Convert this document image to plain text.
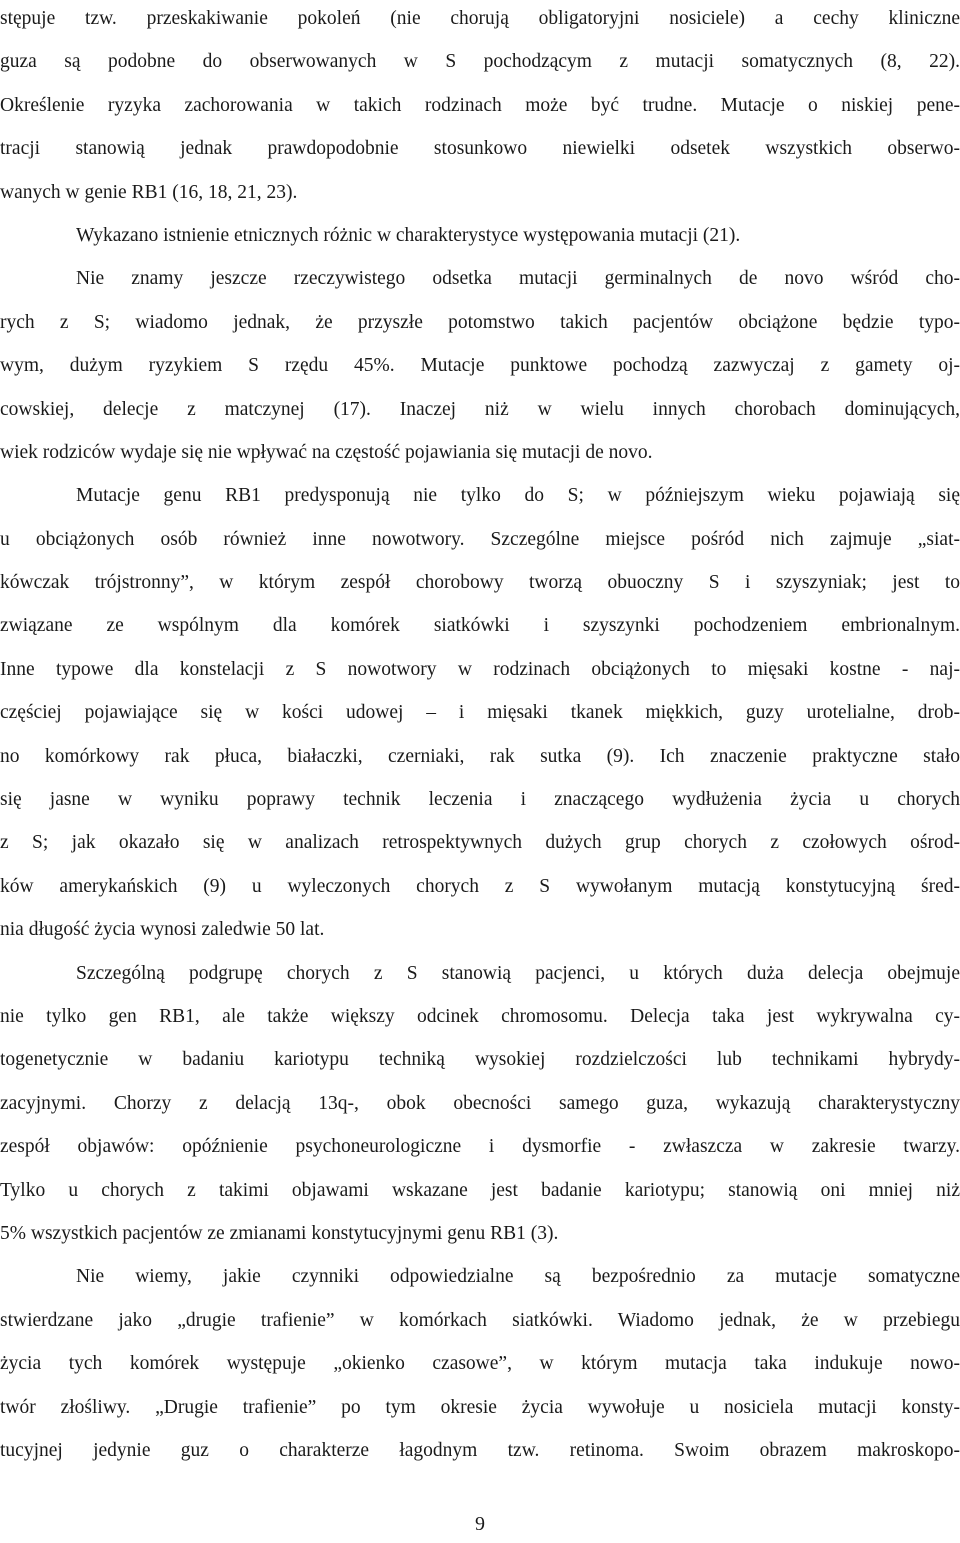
stępuje tzw. przeskakiwanie pokoleń (nie chorują obligatoryjni nosiciele) a cechy kliniczne
guza są podobne do obserwowanych w S pochodzącym z mutacji somatycznych (8, 22).
Określenie ryzyka zachorowania w takich rodzinach może być trudne. Mutacje o niskiej pene-
tracji stanowią jednak prawdopodobnie stosunkowo niewielki odsetek wszystkich obserwo-
wanych w genie RB1 (16, 18, 21, 23).
Wykazano istnienie etnicznych różnic w charakterystyce występowania mutacji (21).
Nie znamy jeszcze rzeczywistego odsetka mutacji germinalnych de novo wśród cho-
rych z S; wiadomo jednak, że przyszłe potomstwo takich pacjentów obciążone będzie typo-
wym, dużym ryzykiem S rzędu 45%. Mutacje punktowe pochodzą zazwyczaj z gamety oj-
cowskiej, delecje z matczynej (17). Inaczej niż w wielu innych chorobach dominujących,
wiek rodziców wydaje się nie wpływać na częstość pojawiania się mutacji de novo.
Mutacje genu RB1 predysponują nie tylko do S; w późniejszym wieku pojawiają się
u obciążonych osób również inne nowotwory. Szczególne miejsce pośród nich zajmuje „siat-
kówczak trójstronny”, w którym zespół chorobowy tworzą obuoczny S i szyszyniak; jest to
związane ze wspólnym dla komórek siatkówki i szyszynki pochodzeniem embrionalnym.
Inne typowe dla konstelacji z S nowotwory w rodzinach obciążonych to mięsaki kostne - naj-
częściej pojawiające się w kości udowej – i mięsaki tkanek miękkich, guzy urotelialne, drob-
no komórkowy rak płuca, białaczki, czerniaki, rak sutka (9). Ich znaczenie praktyczne stało
się jasne w wyniku poprawy technik leczenia i znaczącego wydłużenia życia u chorych
z S; jak okazało się w analizach retrospektywnych dużych grup chorych z czołowych ośrod-
ków amerykańskich (9) u wyleczonych chorych z S wywołanym mutacją konstytucyjną śred-
nia długość życia wynosi zaledwie 50 lat.
Szczególną podgrupę chorych z S stanowią pacjenci, u których duża delecja obejmuje
nie tylko gen RB1, ale także większy odcinek chromosomu. Delecja taka jest wykrywalna cy-
togenetycznie w badaniu kariotypu techniką wysokiej rozdzielczości lub technikami hybrydy-
zacyjnymi. Chorzy z delacją 13q-, obok obecności samego guza, wykazują charakterystyczny
zespół objawów: opóźnienie psychoneurologiczne i dysmorfie - zwłaszcza w zakresie twarzy.
Tylko u chorych z takimi objawami wskazane jest badanie kariotypu; stanowią oni mniej niż
5% wszystkich pacjentów ze zmianami konstytucyjnymi genu RB1 (3).
Nie wiemy, jakie czynniki odpowiedzialne są bezpośrednio za mutacje somatyczne
stwierdzane jako „drugie trafienie” w komórkach siatkówki. Wiadomo jednak, że w przebiegu
życia tych komórek występuje „okienko czasowe”, w którym mutacja taka indukuje nowo-
twór złośliwy. „Drugie trafienie” po tym okresie życia wywołuje u nosiciela mutacji konsty-
tucyjnej jedynie guz o charakterze łagodnym tzw. retinoma. Swoim obrazem makroskopo-
9
